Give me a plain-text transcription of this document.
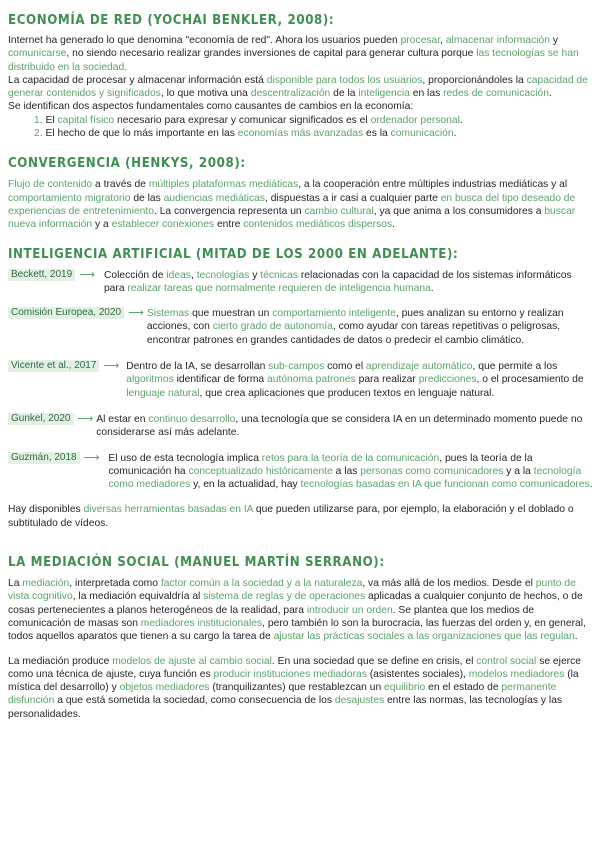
ECONOMÍA DE RED (YOCHAI BENKLER, 2008):

Internet ha generado lo que denomina "economía de red". Ahora los usuarios pueden procesar, almacenar información y comunicarse, no siendo necesario realizar grandes inversiones de capital para generar cultura porque las tecnologías se han distribuido en la sociedad.

La capacidad de procesar y almacenar información está disponible para todos los usuarios, proporcionándoles la capacidad de generar contenidos y significados, lo que motiva una descentralización de la inteligencia en las redes de comunicación.

Se identifican dos aspectos fundamentales como causantes de cambios en la economía:

1. El capital físico necesario para expresar y comunicar significados es el ordenador personal.
2. El hecho de que lo más importante en las economías más avanzadas es la comunicación.
CONVERGENCIA (HENKYS, 2008):

Flujo de contenido a través de múltiples plataformas mediáticas, a la cooperación entre múltiples industrias mediáticas y al comportamiento migratorio de las audiencias mediáticas, dispuestas a ir casi a cualquier parte en busca del tipo deseado de experiencias de entretenimiento. La convergencia representa un cambio cultural, ya que anima a los consumidores a buscar nueva información y a establecer conexiones entre contenidos mediáticos dispersos.

INTELIGENCIA ARTIFICIAL (MITAD DE LOS 2000 EN ADELANTE):
Beckett, 2019 ⟶ Colección de ideas, tecnologías y técnicas relacionadas con la capacidad de los sistemas informáticos para realizar tareas que normalmente requieren de inteligencia humana.
Comisión Europea, 2020 ⟶ Sistemas que muestran un comportamiento inteligente, pues analizan su entorno y realizan acciones, con cierto grado de autonomía, como ayudar con tareas repetitivas o peligrosas, encontrar patrones en grandes cantidades de datos o predecir el cambio climático.
Vicente et al., 2017 ⟶ Dentro de la IA, se desarrollan sub-campos como el aprendizaje automático, que permite a los algoritmos identificar de forma autónoma patrones para realizar predicciones, o el procesamiento de lenguaje natural, que crea aplicaciones que producen textos en lenguaje natural.
Gunkel, 2020 ⟶ Al estar en continuo desarrollo, una tecnología que se considera IA en un determinado momento puede no considerarse así más adelante.
Guzmán, 2018 ⟶ El uso de esta tecnología implica retos para la teoría de la comunicación, pues la teoría de la comunicación ha conceptualizado históricamente a las personas como comunicadores y a la tecnología como mediadores y, en la actualidad, hay tecnologías basadas en IA que funcionan como comunicadores.

Hay disponibles diversas herramientas basadas en IA que pueden utilizarse para, por ejemplo, la elaboración y el doblado o subtitulado de vídeos.

LA MEDIACIÓN SOCIAL (MANUEL MARTÍN SERRANO):

La mediación, interpretada como factor común a la sociedad y a la naturaleza, va más allá de los medios. Desde el punto de vista cognitivo, la mediación equivaldría al sistema de reglas y de operaciones aplicadas a cualquier conjunto de hechos, o de cosas pertenecientes a planos heterogéneos de la realidad, para introducir un orden. Se plantea que los medios de comunicación de masas son mediadores institucionales, pero también lo son la burocracia, las fuerzas del orden y, en general, todos aquellos aparatos que tienen a su cargo la tarea de ajustar las prácticas sociales a las organizaciones que las regulan.

La mediación produce modelos de ajuste al cambio social. En una sociedad que se define en crisis, el control social se ejerce como una técnica de ajuste, cuya función es producir instituciones mediadoras (asistentes sociales), modelos mediadores (la mística del desarrollo) y objetos mediadores (tranquilizantes) que restablezcan un equilibrio en el estado de permanente disfunción a que está sometida la sociedad, como consecuencia de los desajustes entre las normas, las tecnologías y las personalidades.
